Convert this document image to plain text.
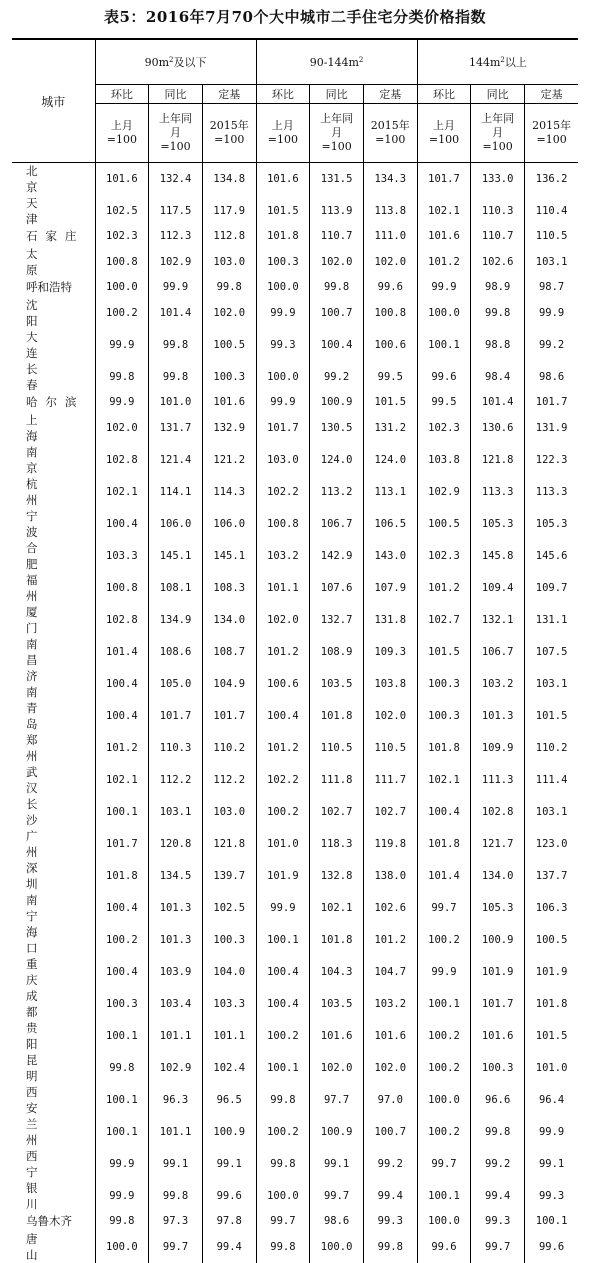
表5：2016年7月70个大中城市二手住宅分类价格指数
城市	$90m^2$及以下			$90-144m^2$			$144m^2$以上		
	环比	同比	定基	环比	同比	定基	环比	同比	定基

	上月
=100	上年同
月
=100	2015年
=100	上月
=100	上年同
月
=100	2015年
=100	上月
=100	上年同
月
=100	2015年
=100

北京	101.6	132.4	134.8	101.6	131.5	134.3	101.7	133.0	136.2
天津	102.5	117.5	117.9	101.5	113.9	113.8	102.1	110.3	110.4
石家庄	102.3	112.3	112.8	101.8	110.7	111.0	101.6	110.7	110.5
太原	100.8	102.9	103.0	100.3	102.0	102.0	101.2	102.6	103.1
呼和浩特	100.0	99.9	99.8	100.0	99.8	99.6	99.9	98.9	98.7
沈阳	100.2	101.4	102.0	99.9	100.7	100.8	100.0	99.8	99.9
大连	99.9	99.8	100.5	99.3	100.4	100.6	100.1	98.8	99.2
长春	99.8	99.8	100.3	100.0	99.2	99.5	99.6	98.4	98.6
哈尔滨	99.9	101.0	101.6	99.9	100.9	101.5	99.5	101.4	101.7
上海	102.0	131.7	132.9	101.7	130.5	131.2	102.3	130.6	131.9
南京	102.8	121.4	121.2	103.0	124.0	124.0	103.8	121.8	122.3
杭州	102.1	114.1	114.3	102.2	113.2	113.1	102.9	113.3	113.3
宁波	100.4	106.0	106.0	100.8	106.7	106.5	100.5	105.3	105.3
合肥	103.3	145.1	145.1	103.2	142.9	143.0	102.3	145.8	145.6
福州	100.8	108.1	108.3	101.1	107.6	107.9	101.2	109.4	109.7
厦门	102.8	134.9	134.0	102.0	132.7	131.8	102.7	132.1	131.1
南昌	101.4	108.6	108.7	101.2	108.9	109.3	101.5	106.7	107.5
济南	100.4	105.0	104.9	100.6	103.5	103.8	100.3	103.2	103.1
青岛	100.4	101.7	101.7	100.4	101.8	102.0	100.3	101.3	101.5
郑州	101.2	110.3	110.2	101.2	110.5	110.5	101.8	109.9	110.2
武汉	102.1	112.2	112.2	102.2	111.8	111.7	102.1	111.3	111.4
长沙	100.1	103.1	103.0	100.2	102.7	102.7	100.4	102.8	103.1
广州	101.7	120.8	121.8	101.0	118.3	119.8	101.8	121.7	123.0
深圳	101.8	134.5	139.7	101.9	132.8	138.0	101.4	134.0	137.7
南宁	100.4	101.3	102.5	99.9	102.1	102.6	99.7	105.3	106.3
海口	100.2	101.3	100.3	100.1	101.8	101.2	100.2	100.9	100.5
重庆	100.4	103.9	104.0	100.4	104.3	104.7	99.9	101.9	101.9
成都	100.3	103.4	103.3	100.4	103.5	103.2	100.1	101.7	101.8
贵阳	100.1	101.1	101.1	100.2	101.6	101.6	100.2	101.6	101.5
昆明	99.8	102.9	102.4	100.1	102.0	102.0	100.2	100.3	101.0
西安	100.1	96.3	96.5	99.8	97.7	97.0	100.0	96.6	96.4
兰州	100.1	101.1	100.9	100.2	100.9	100.7	100.2	99.8	99.9
西宁	99.9	99.1	99.1	99.8	99.1	99.2	99.7	99.2	99.1
银川	99.9	99.8	99.6	100.0	99.7	99.4	100.1	99.4	99.3
乌鲁木齐	99.8	97.3	97.8	99.7	98.6	99.3	100.0	99.3	100.1
唐山	100.0	99.7	99.4	99.8	100.0	99.8	99.6	99.7	99.6
